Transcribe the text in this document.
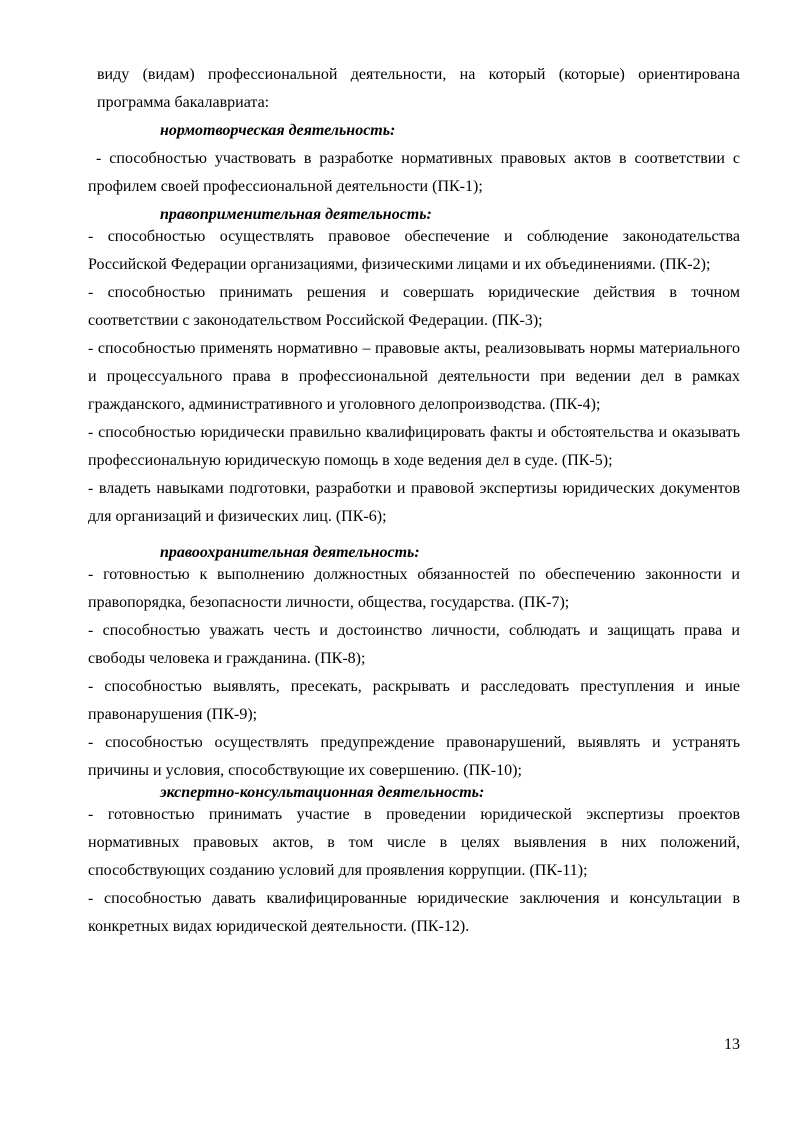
виду (видам) профессиональной деятельности, на который (которые) ориентирована программа бакалавриата:

нормотворческая деятельность:

- способностью участвовать в разработке нормативных правовых актов в соответствии с профилем своей профессиональной деятельности (ПК-1);

правоприменительная деятельность:

- способностью осуществлять правовое обеспечение и соблюдение законодательства Российской Федерации организациями, физическими лицами и их объединениями. (ПК-2);

- способностью принимать решения и совершать юридические действия в точном соответствии с законодательством Российской Федерации. (ПК-3);

- способностью применять нормативно – правовые акты, реализовывать нормы материального и процессуального права в профессиональной деятельности при ведении дел в рамках гражданского, административного и уголовного делопроизводства. (ПК-4);

- способностью юридически правильно квалифицировать факты и обстоятельства и оказывать профессиональную юридическую помощь в ходе ведения дел в суде. (ПК-5);

- владеть навыками подготовки, разработки и правовой экспертизы юридических документов для организаций и физических лиц. (ПК-6);

правоохранительная деятельность:

- готовностью к выполнению должностных обязанностей по обеспечению законности и правопорядка, безопасности личности, общества, государства. (ПК-7);

- способностью уважать честь и достоинство личности, соблюдать и защищать права и свободы человека и гражданина. (ПК-8);

- способностью выявлять, пресекать, раскрывать и расследовать преступления и иные правонарушения (ПК-9);

- способностью осуществлять предупреждение правонарушений, выявлять и устранять причины и условия, способствующие их совершению. (ПК-10);

экспертно-консультационная деятельность:

- готовностью принимать участие в проведении юридической экспертизы проектов нормативных правовых актов, в том числе в целях выявления в них положений, способствующих созданию условий для проявления коррупции. (ПК-11);

- способностью давать квалифицированные юридические заключения и консультации в конкретных видах юридической деятельности. (ПК-12).

13
